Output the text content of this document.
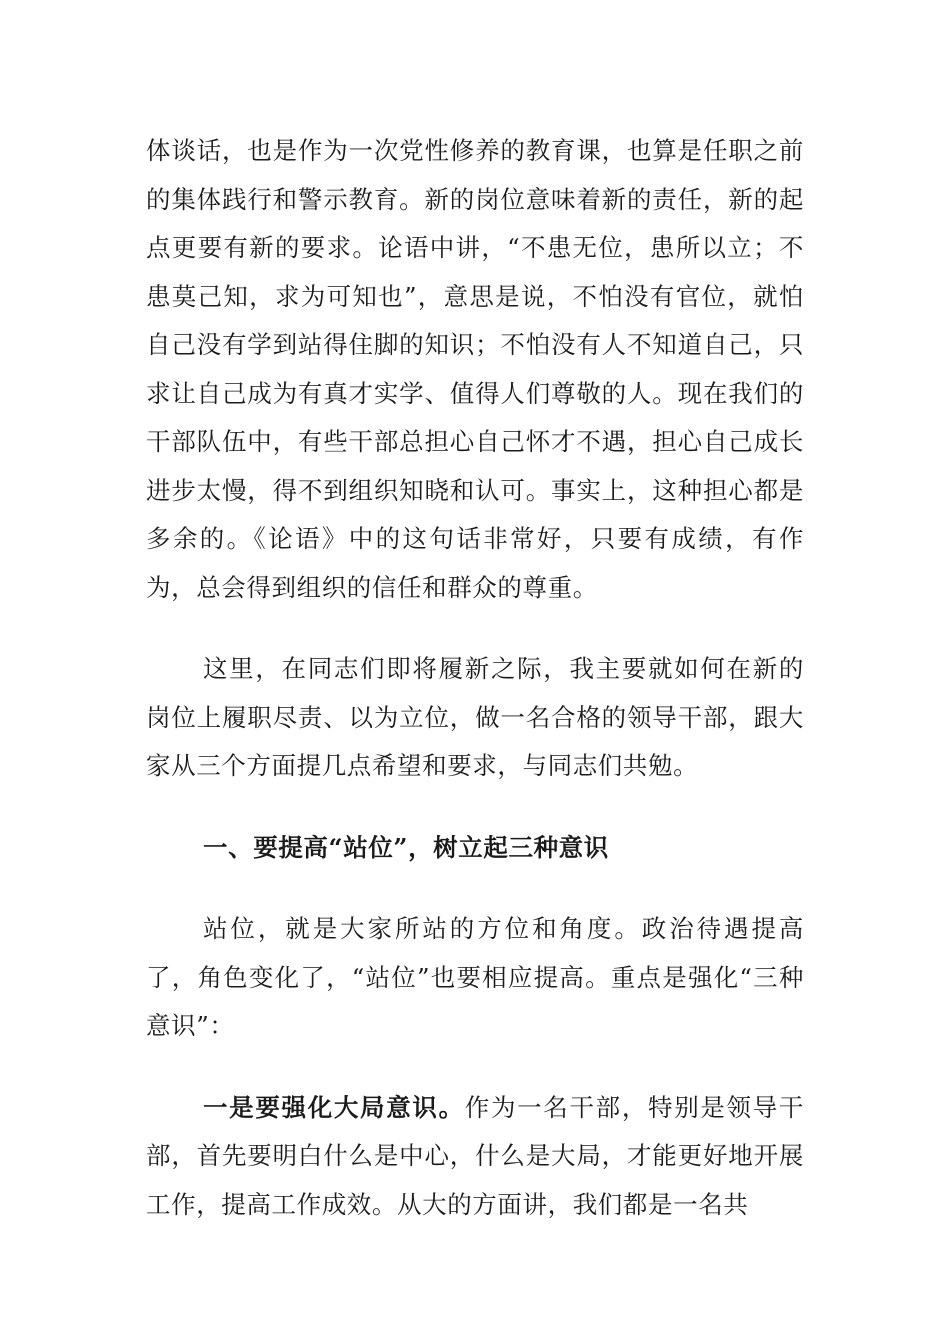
体谈话，也是作为一次党性修养的教育课，也算是任职之前的集体践行和警示教育。新的岗位意味着新的责任，新的起点更要有新的要求。论语中讲，“不患无位，患所以立；不患莫己知，求为可知也”，意思是说，不怕没有官位，就怕自己没有学到站得住脚的知识；不怕没有人不知道自己，只求让自己成为有真才实学、值得人们尊敬的人。现在我们的干部队伍中，有些干部总担心自己怀才不遇，担心自己成长进步太慢，得不到组织知晓和认可。事实上，这种担心都是多余的。《论语》中的这句话非常好，只要有成绩，有作为，总会得到组织的信任和群众的尊重。

这里，在同志们即将履新之际，我主要就如何在新的岗位上履职尽责、以为立位，做一名合格的领导干部，跟大家从三个方面提几点希望和要求，与同志们共勉。

一、要提高“站位”，树立起三种意识

站位，就是大家所站的方位和角度。政治待遇提高了，角色变化了，“站位”也要相应提高。重点是强化“三种意识”：

一是要强化大局意识。作为一名干部，特别是领导干部，首先要明白什么是中心，什么是大局，才能更好地开展工作，提高工作成效。从大的方面讲，我们都是一名共
